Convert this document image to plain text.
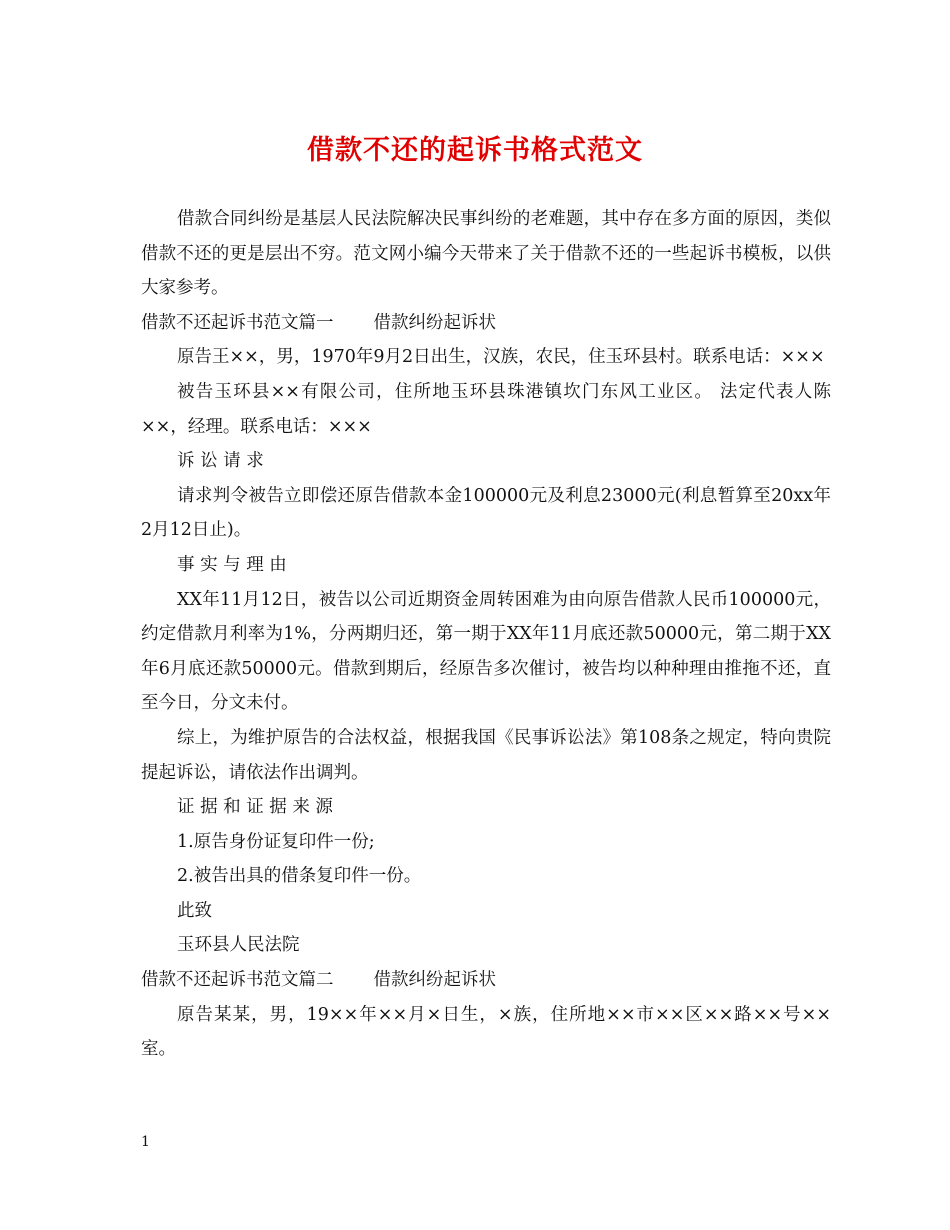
借款不还的起诉书格式范文

借款合同纠纷是基层人民法院解决民事纠纷的老难题，其中存在多方面的原因，类似借款不还的更是层出不穷。范文网小编今天带来了关于借款不还的一些起诉书模板，以供大家参考。

借款不还起诉书范文篇一 借款纠纷起诉状

原告王××，男，1970年9月2日出生，汉族，农民，住玉环县村。联系电话：×××

被告玉环县××有限公司，住所地玉环县珠港镇坎门东风工业区。 法定代表人陈××，经理。联系电话：×××

诉 讼 请 求

请求判令被告立即偿还原告借款本金100000元及利息23000元(利息暂算至20xx年2月12日止)。

事 实 与 理 由

XX年11月12日，被告以公司近期资金周转困难为由向原告借款人民币100000元，约定借款月利率为1%，分两期归还，第一期于XX年11月底还款50000元，第二期于XX年6月底还款50000元。借款到期后，经原告多次催讨，被告均以种种理由推拖不还，直至今日，分文未付。

综上，为维护原告的合法权益，根据我国《民事诉讼法》第108条之规定，特向贵院提起诉讼，请依法作出调判。

证 据 和 证 据 来 源

1.原告身份证复印件一份;

2.被告出具的借条复印件一份。

此致

玉环县人民法院

借款不还起诉书范文篇二 借款纠纷起诉状

原告某某，男，19××年××月×日生，×族，住所地××市××区××路××号××室。

1
